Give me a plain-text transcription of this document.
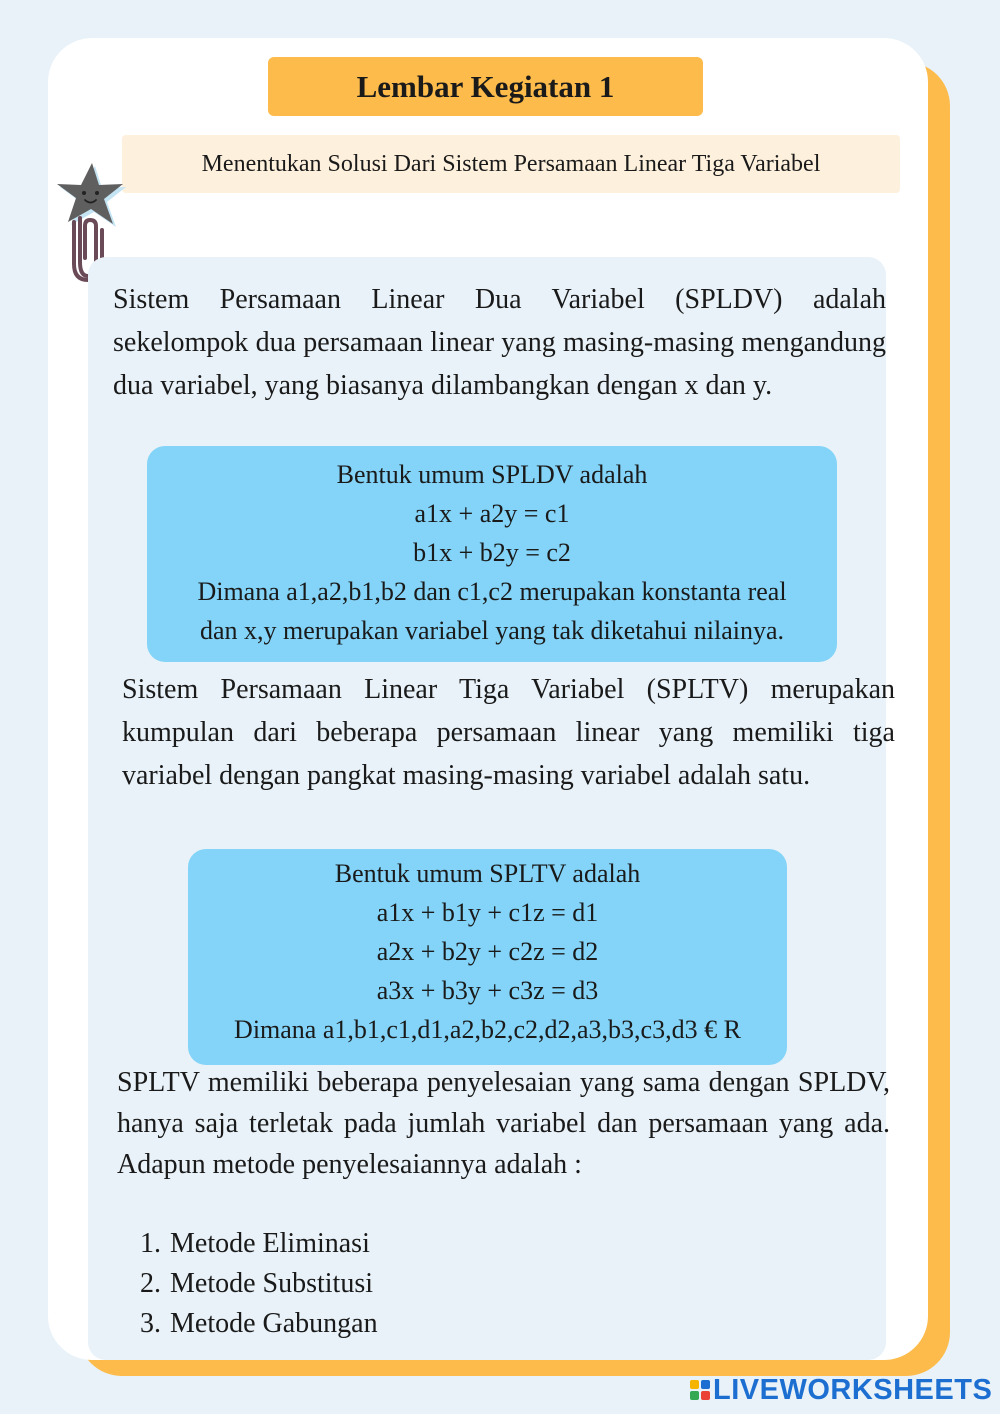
Lembar Kegiatan 1
Menentukan Solusi Dari Sistem Persamaan Linear Tiga Variabel

Sistem Persamaan Linear Dua Variabel (SPLDV) adalah sekelompok dua persamaan linear yang masing-masing mengandung dua variabel, yang biasanya dilambangkan dengan x dan y.

Bentuk umum SPLDV adalah
a1x + a2y = c1
b1x + b2y = c2
Dimana a1,a2,b1,b2 dan c1,c2 merupakan konstanta real
dan x,y merupakan variabel yang tak diketahui nilainya.

Sistem Persamaan Linear Tiga Variabel (SPLTV) merupakan kumpulan dari beberapa persamaan linear yang memiliki tiga variabel dengan pangkat masing-masing variabel adalah satu.

Bentuk umum SPLTV adalah
a1x + b1y + c1z = d1
a2x + b2y + c2z = d2
a3x + b3y + c3z = d3
Dimana a1,b1,c1,d1,a2,b2,c2,d2,a3,b3,c3,d3 € R

SPLTV memiliki beberapa penyelesaian yang sama dengan SPLDV, hanya saja terletak pada jumlah variabel dan persamaan yang ada. Adapun metode penyelesaiannya adalah :

1. Metode Eliminasi
2. Metode Substitusi
3. Metode Gabungan
LIVEWORKSHEETS
